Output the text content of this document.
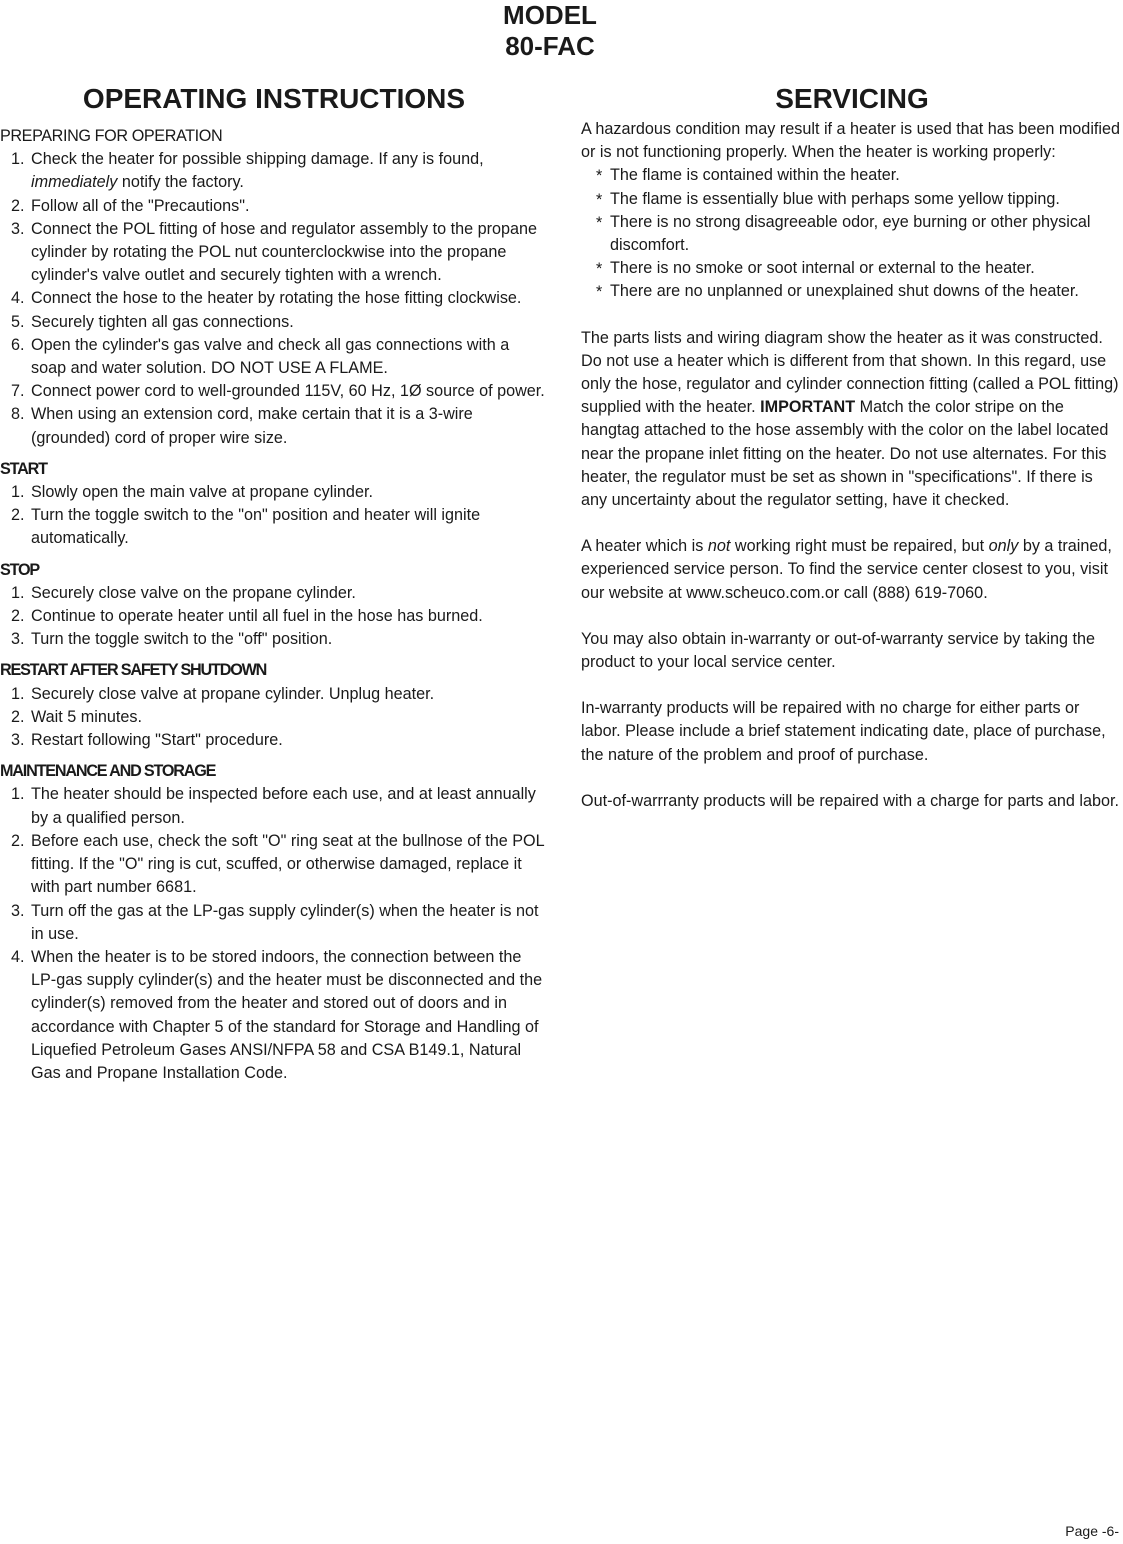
MODEL
80-FAC
OPERATING INSTRUCTIONS
PREPARING FOR OPERATION
1. Check the heater for possible shipping damage. If any is found, immediately notify the factory.
2. Follow all of the "Precautions".
3. Connect the POL fitting of hose and regulator assembly to the propane cylinder by rotating the POL nut counterclockwise into the propane cylinder's valve outlet and securely tighten with a wrench.
4. Connect the hose to the heater by rotating the hose fitting clockwise.
5. Securely tighten all gas connections.
6. Open the cylinder's gas valve and check all gas connections with a soap and water solution. DO NOT USE A FLAME.
7. Connect power cord to well-grounded 115V, 60 Hz, 1Ø source of power.
8. When using an extension cord, make certain that it is a 3-wire (grounded) cord of proper wire size.
START
1. Slowly open the main valve at propane cylinder.
2. Turn the toggle switch to the "on" position and heater will ignite automatically.
STOP
1. Securely close valve on the propane cylinder.
2. Continue to operate heater until all fuel in the hose has burned.
3. Turn the toggle switch to the "off" position.
RESTART AFTER SAFETY SHUTDOWN
1. Securely close valve at propane cylinder. Unplug heater.
2. Wait 5 minutes.
3. Restart following "Start" procedure.
MAINTENANCE AND STORAGE
1. The heater should be inspected before each use, and at least annually by a qualified person.
2. Before each use, check the soft "O" ring seat at the bullnose of the POL fitting. If the "O" ring is cut, scuffed, or otherwise damaged, replace it with part number 6681.
3. Turn off the gas at the LP-gas supply cylinder(s) when the heater is not in use.
4. When the heater is to be stored indoors, the connection between the LP-gas supply cylinder(s) and the heater must be disconnected and the cylinder(s) removed from the heater and stored out of doors and in accordance with Chapter 5 of the standard for Storage and Handling of Liquefied Petroleum Gases ANSI/NFPA 58 and CSA B149.1, Natural Gas and Propane Installation Code.
SERVICING

A hazardous condition may result if a heater is used that has been modified or is not functioning properly. When the heater is working properly:

* The flame is contained within the heater.
* The flame is essentially blue with perhaps some yellow tipping.
* There is no strong disagreeable odor, eye burning or other physical discomfort.
* There is no smoke or soot internal or external to the heater.
* There are no unplanned or unexplained shut downs of the heater.

The parts lists and wiring diagram show the heater as it was constructed. Do not use a heater which is different from that shown. In this regard, use only the hose, regulator and cylinder connection fitting (called a POL fitting) supplied with the heater. IMPORTANT Match the color stripe on the hangtag attached to the hose assembly with the color on the label located near the propane inlet fitting on the heater. Do not use alternates. For this heater, the regulator must be set as shown in "specifications". If there is any uncertainty about the regulator setting, have it checked.

A heater which is not working right must be repaired, but only by a trained, experienced service person. To find the service center closest to you, visit our website at www.scheuco.com.or call (888) 619-7060.

You may also obtain in-warranty or out-of-warranty service by taking the product to your local service center.

In-warranty products will be repaired with no charge for either parts or labor. Please include a brief statement indicating date, place of purchase, the nature of the problem and proof of purchase.

Out-of-warrranty products will be repaired with a charge for parts and labor.

Page -6-
